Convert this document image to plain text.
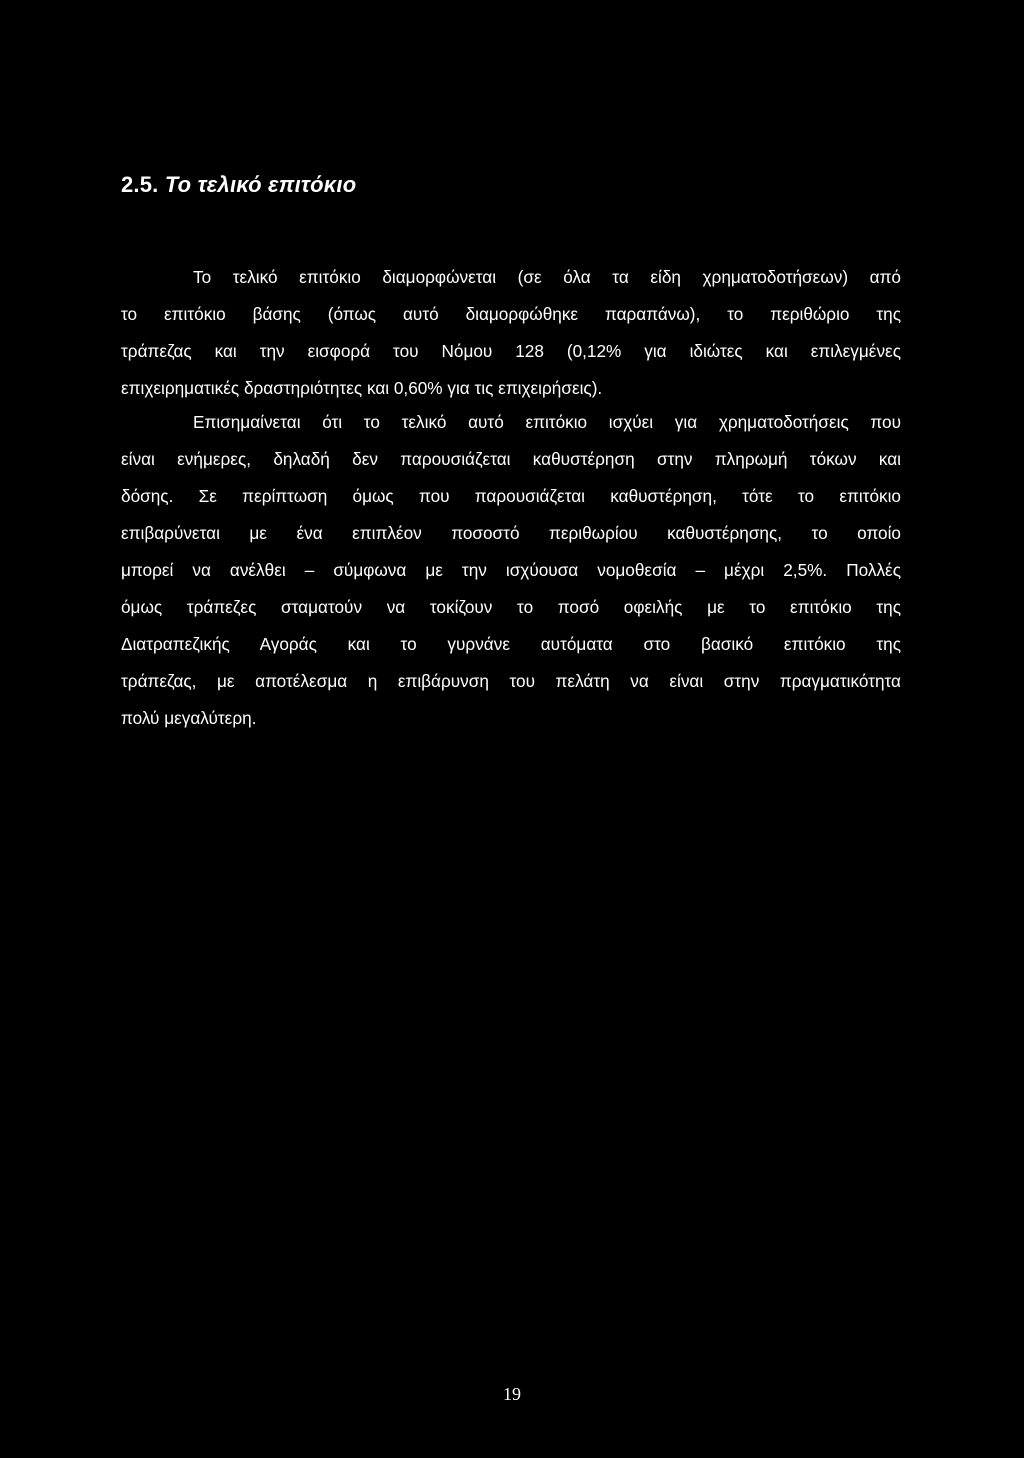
2.5. Το τελικό επιτόκιο
Το τελικό επιτόκιο διαμορφώνεται (σε όλα τα είδη χρηματοδοτήσεων) από
το επιτόκιο βάσης (όπως αυτό διαμορφώθηκε παραπάνω), το περιθώριο της
τράπεζας και την εισφορά του Νόμου 128 (0,12% για ιδιώτες και επιλεγμένες
επιχειρηματικές δραστηριότητες και 0,60% για τις επιχειρήσεις).
Επισημαίνεται ότι το τελικό αυτό επιτόκιο ισχύει για χρηματοδοτήσεις που
είναι ενήμερες, δηλαδή δεν παρουσιάζεται καθυστέρηση στην πληρωμή τόκων και
δόσης. Σε περίπτωση όμως που παρουσιάζεται καθυστέρηση, τότε το επιτόκιο
επιβαρύνεται με ένα επιπλέον ποσοστό περιθωρίου καθυστέρησης, το οποίο
μπορεί να ανέλθει – σύμφωνα με την ισχύουσα νομοθεσία – μέχρι 2,5%. Πολλές
όμως τράπεζες σταματούν να τοκίζουν το ποσό οφειλής με το επιτόκιο της
Διατραπεζικής Αγοράς και το γυρνάνε αυτόματα στο βασικό επιτόκιο της
τράπεζας, με αποτέλεσμα η επιβάρυνση του πελάτη να είναι στην πραγματικότητα
πολύ μεγαλύτερη.
19
